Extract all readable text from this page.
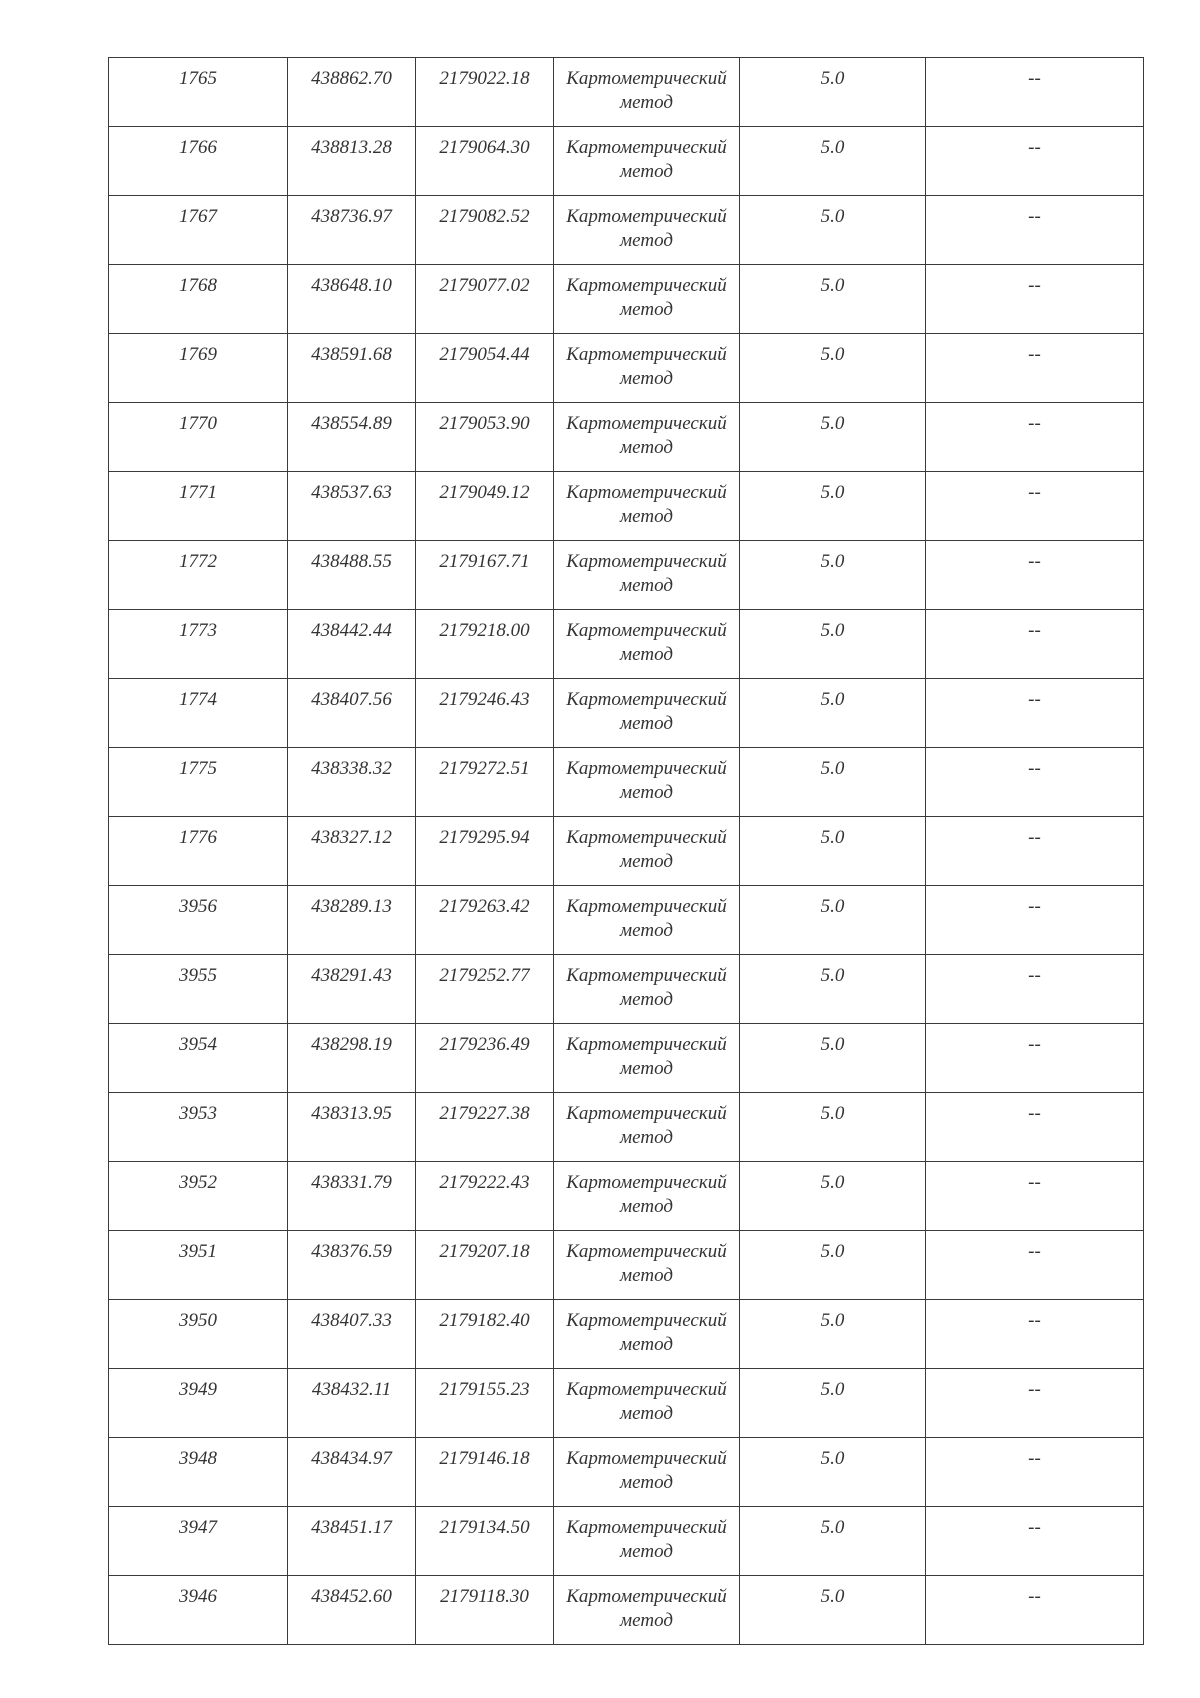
1765	438862.70	2179022.18	Картометрический
метод	5.0	--

1766	438813.28	2179064.30	Картометрический
метод	5.0	--

1767	438736.97	2179082.52	Картометрический
метод	5.0	--

1768	438648.10	2179077.02	Картометрический
метод	5.0	--

1769	438591.68	2179054.44	Картометрический
метод	5.0	--

1770	438554.89	2179053.90	Картометрический
метод	5.0	--

1771	438537.63	2179049.12	Картометрический
метод	5.0	--

1772	438488.55	2179167.71	Картометрический
метод	5.0	--

1773	438442.44	2179218.00	Картометрический
метод	5.0	--

1774	438407.56	2179246.43	Картометрический
метод	5.0	--

1775	438338.32	2179272.51	Картометрический
метод	5.0	--

1776	438327.12	2179295.94	Картометрический
метод	5.0	--

3956	438289.13	2179263.42	Картометрический
метод	5.0	--

3955	438291.43	2179252.77	Картометрический
метод	5.0	--

3954	438298.19	2179236.49	Картометрический
метод	5.0	--

3953	438313.95	2179227.38	Картометрический
метод	5.0	--

3952	438331.79	2179222.43	Картометрический
метод	5.0	--

3951	438376.59	2179207.18	Картометрический
метод	5.0	--

3950	438407.33	2179182.40	Картометрический
метод	5.0	--

3949	438432.11	2179155.23	Картометрический
метод	5.0	--

3948	438434.97	2179146.18	Картометрический
метод	5.0	--

3947	438451.17	2179134.50	Картометрический
метод	5.0	--

3946	438452.60	2179118.30	Картометрический
метод	5.0	--
